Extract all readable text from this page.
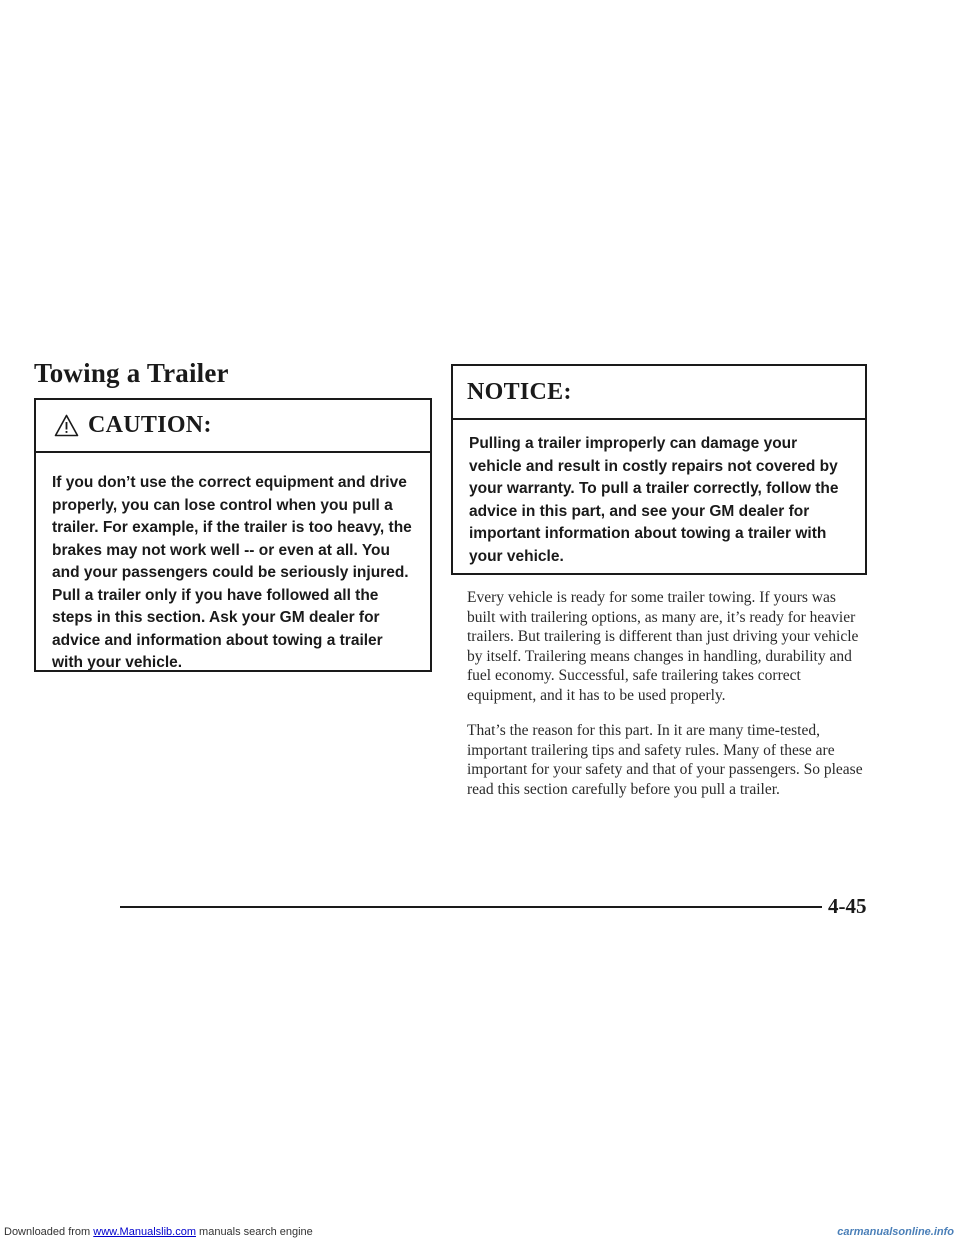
Towing a Trailer
CAUTION:
If you don’t use the correct equipment and drive properly, you can lose control when you pull a trailer. For example, if the trailer is too heavy, the brakes may not work well -- or even at all. You and your passengers could be seriously injured. Pull a trailer only if you have followed all the steps in this section. Ask your GM dealer for advice and information about towing a trailer with your vehicle.
NOTICE:
Pulling a trailer improperly can damage your vehicle and result in costly repairs not covered by your warranty. To pull a trailer correctly, follow the advice in this part, and see your GM dealer for important information about towing a trailer with your vehicle.

Every vehicle is ready for some trailer towing. If yours was built with trailering options, as many are, it’s ready for heavier trailers. But trailering is different than just driving your vehicle by itself. Trailering means changes in handling, durability and fuel economy. Successful, safe trailering takes correct equipment, and it has to be used properly.

That’s the reason for this part. In it are many time-tested, important trailering tips and safety rules. Many of these are important for your safety and that of your passengers. So please read this section carefully before you pull a trailer.

4-45
Downloaded from www.Manualslib.com manuals search engine	carmanualsonline.info
